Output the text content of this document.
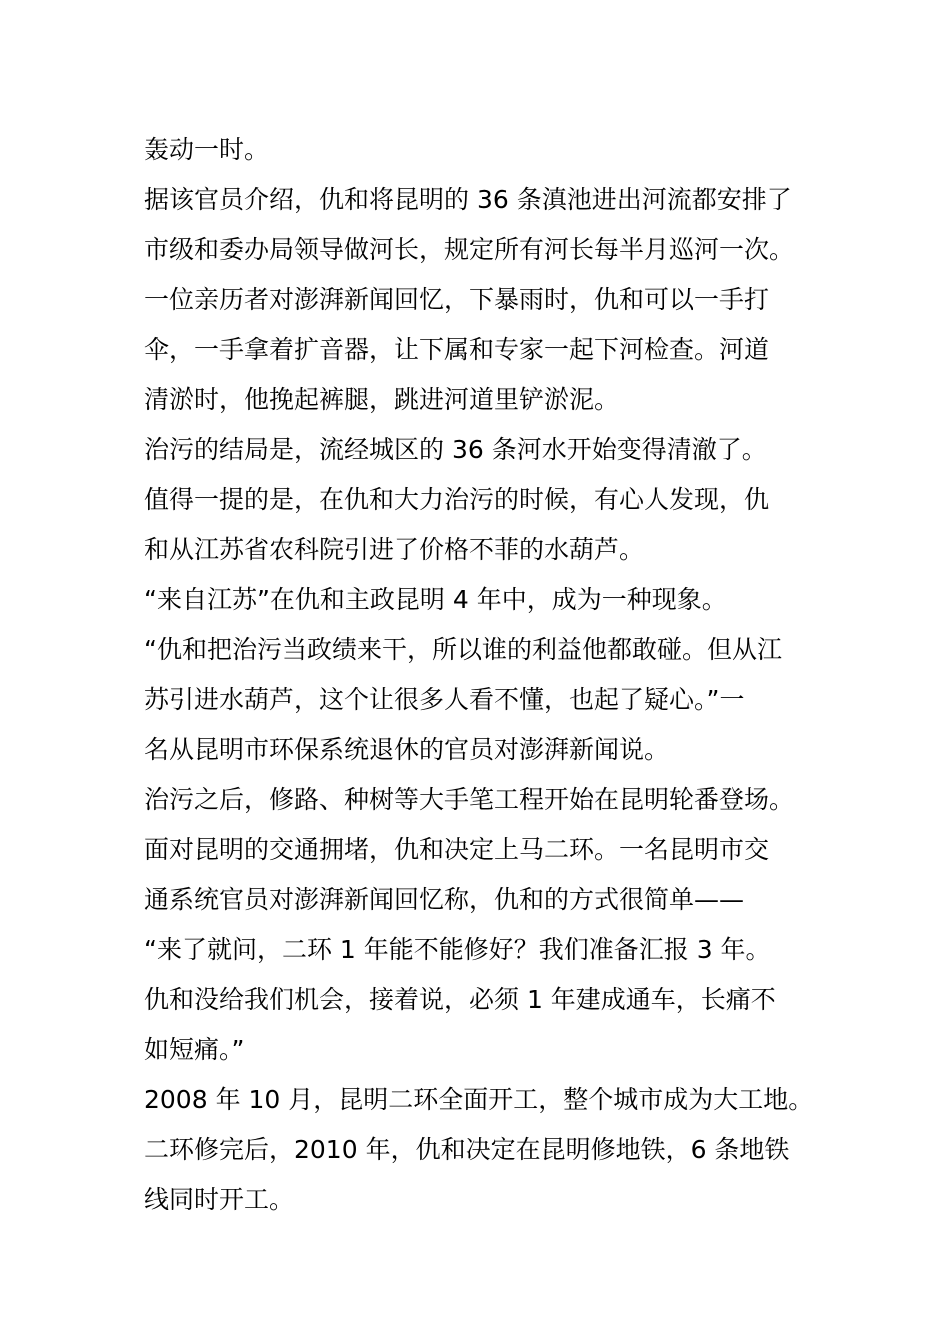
轰动一时。
据该官员介绍，仇和将昆明的 36 条滇池进出河流都安排了
市级和委办局领导做河长，规定所有河长每半月巡河一次。
一位亲历者对澎湃新闻回忆，下暴雨时，仇和可以一手打
伞，一手拿着扩音器，让下属和专家一起下河检查。河道
清淤时，他挽起裤腿，跳进河道里铲淤泥。
治污的结局是，流经城区的 36 条河水开始变得清澈了。
值得一提的是，在仇和大力治污的时候，有心人发现，仇
和从江苏省农科院引进了价格不菲的水葫芦。
“来自江苏”在仇和主政昆明 4 年中，成为一种现象。
“仇和把治污当政绩来干，所以谁的利益他都敢碰。但从江
苏引进水葫芦，这个让很多人看不懂，也起了疑心。”一
名从昆明市环保系统退休的官员对澎湃新闻说。
治污之后，修路、种树等大手笔工程开始在昆明轮番登场。
面对昆明的交通拥堵，仇和决定上马二环。一名昆明市交
通系统官员对澎湃新闻回忆称，仇和的方式很简单——
“来了就问，二环 1 年能不能修好？我们准备汇报 3 年。
仇和没给我们机会，接着说，必须 1 年建成通车，长痛不
如短痛。”
2008 年 10 月，昆明二环全面开工，整个城市成为大工地。
二环修完后，2010 年，仇和决定在昆明修地铁，6 条地铁
线同时开工。
